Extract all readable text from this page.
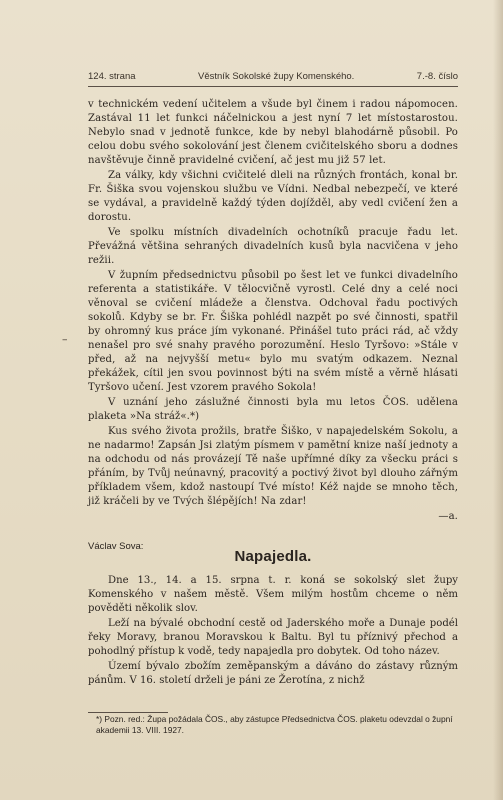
124. strana	Věstník Sokolské župy Komenského.	7.-8. číslo
–

v technickém vedení učitelem a všude byl činem i radou nápomocen. Zastával 11 let funkci náčelnickou a jest nyní 7 let místostarostou. Nebylo snad v jednotě funkce, kde by nebyl blahodárně působil. Po celou dobu svého sokolování jest členem cvičitelského sboru a dodnes navštěvuje činně pravidelné cvičení, ač jest mu již 57 let.

Za války, kdy všichni cvičitelé dleli na různých frontách, konal br. Fr. Šiška svou vojenskou službu ve Vídni. Nedbal nebezpečí, ve které se vydával, a pravidelně každý týden dojížděl, aby vedl cvičení žen a dorostu.

Ve spolku místních divadelních ochotníků pracuje řadu let. Převážná většina sehraných divadelních kusů byla nacvičena v jeho režii.

V župním předsednictvu působil po šest let ve funkci divadelního referenta a statistikáře. V tělocvičně vyrostl. Celé dny a celé noci věnoval se cvičení mládeže a členstva. Odchoval řadu poctivých sokolů. Kdyby se br. Fr. Šiška pohlédl nazpět po své činnosti, spatřil by ohromný kus práce jím vykonané. Přinášel tuto práci rád, ač vždy nenašel pro své snahy pravého porozumění. Heslo Tyršovo: »Stále v před, až na nejvyšší metu« bylo mu svatým odkazem. Neznal překážek, cítil jen svou povinnost býti na svém místě a věrně hlásati Tyršovo učení. Jest vzorem pravého Sokola!

V uznání jeho záslužné činnosti byla mu letos ČOS. udělena plaketa »Na stráž«.*)

Kus svého života prožils, bratře Šiško, v napajedelském Sokolu, a ne nadarmo! Zapsán Jsi zlatým písmem v pamětní knize naší jednoty a na odchodu od nás provázejí Tě naše upřímné díky za všecku práci s přáním, by Tvůj neúnavný, pracovitý a poctivý život byl dlouho zářným příkladem všem, kdož nastoupí Tvé místo! Kéž najde se mnoho těch, již kráčeli by ve Tvých šlépějích! Na zdar!

—a.

Václav Sova:
Napajedla.

Dne 13., 14. a 15. srpna t. r. koná se sokolský slet župy Komenského v našem městě. Všem milým hostům chceme o něm pověděti několik slov.

Leží na bývalé obchodní cestě od Jaderského moře a Dunaje podél řeky Moravy, branou Moravskou k Baltu. Byl tu příznivý přechod a pohodlný přístup k vodě, tedy napajedla pro dobytek. Od toho název.

Území bývalo zbožím zeměpanským a dáváno do zástavy různým pánům. V 16. století drželi je páni ze Žerotína, z nichž

*) Pozn. red.: Župa požádala ČOS., aby zástupce Předsednictva ČOS. plaketu odevzdal o župní akademii 13. VIII. 1927.
